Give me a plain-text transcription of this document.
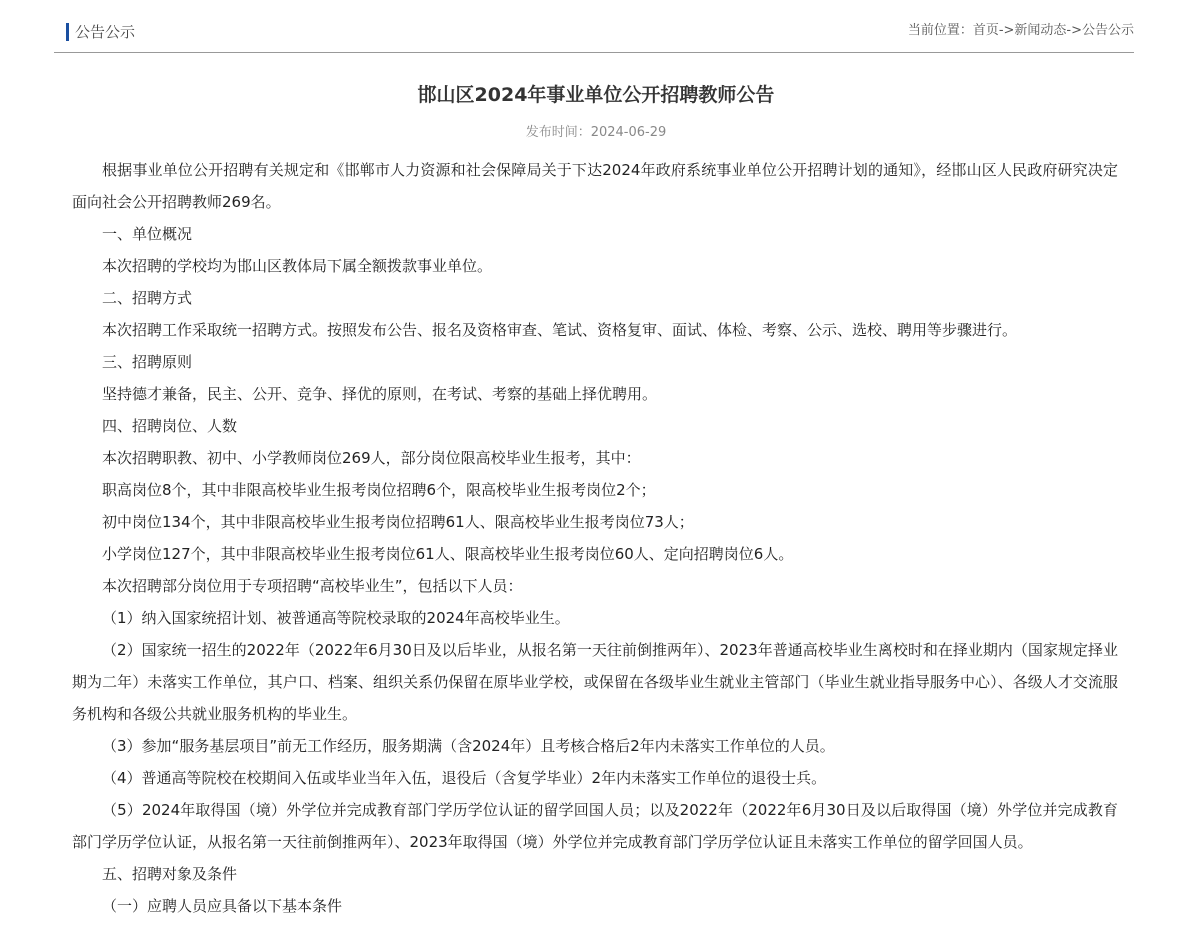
公告公示	当前位置：首页->新闻动态->公告公示
邯山区2024年事业单位公开招聘教师公告
发布时间：2024-06-29

根据事业单位公开招聘有关规定和《邯郸市人力资源和社会保障局关于下达2024年政府系统事业单位公开招聘计划的通知》，经邯山区人民政府研究决定面向社会公开招聘教师269名。

一、单位概况

本次招聘的学校均为邯山区教体局下属全额拨款事业单位。

二、招聘方式

本次招聘工作采取统一招聘方式。按照发布公告、报名及资格审查、笔试、资格复审、面试、体检、考察、公示、选校、聘用等步骤进行。

三、招聘原则

坚持德才兼备，民主、公开、竞争、择优的原则，在考试、考察的基础上择优聘用。

四、招聘岗位、人数

本次招聘职教、初中、小学教师岗位269人，部分岗位限高校毕业生报考，其中：

职高岗位8个，其中非限高校毕业生报考岗位招聘6个，限高校毕业生报考岗位2个；

初中岗位134个，其中非限高校毕业生报考岗位招聘61人、限高校毕业生报考岗位73人；

小学岗位127个，其中非限高校毕业生报考岗位61人、限高校毕业生报考岗位60人、定向招聘岗位6人。

本次招聘部分岗位用于专项招聘“高校毕业生”，包括以下人员：

（1）纳入国家统招计划、被普通高等院校录取的2024年高校毕业生。

（2）国家统一招生的2022年（2022年6月30日及以后毕业，从报名第一天往前倒推两年）、2023年普通高校毕业生离校时和在择业期内（国家规定择业期为二年）未落实工作单位，其户口、档案、组织关系仍保留在原毕业学校，或保留在各级毕业生就业主管部门（毕业生就业指导服务中心）、各级人才交流服务机构和各级公共就业服务机构的毕业生。

（3）参加“服务基层项目”前无工作经历，服务期满（含2024年）且考核合格后2年内未落实工作单位的人员。

（4）普通高等院校在校期间入伍或毕业当年入伍，退役后（含复学毕业）2年内未落实工作单位的退役士兵。

（5）2024年取得国（境）外学位并完成教育部门学历学位认证的留学回国人员；以及2022年（2022年6月30日及以后取得国（境）外学位并完成教育部门学历学位认证，从报名第一天往前倒推两年）、2023年取得国（境）外学位并完成教育部门学历学位认证且未落实工作单位的留学回国人员。

五、招聘对象及条件

（一）应聘人员应具备以下基本条件
